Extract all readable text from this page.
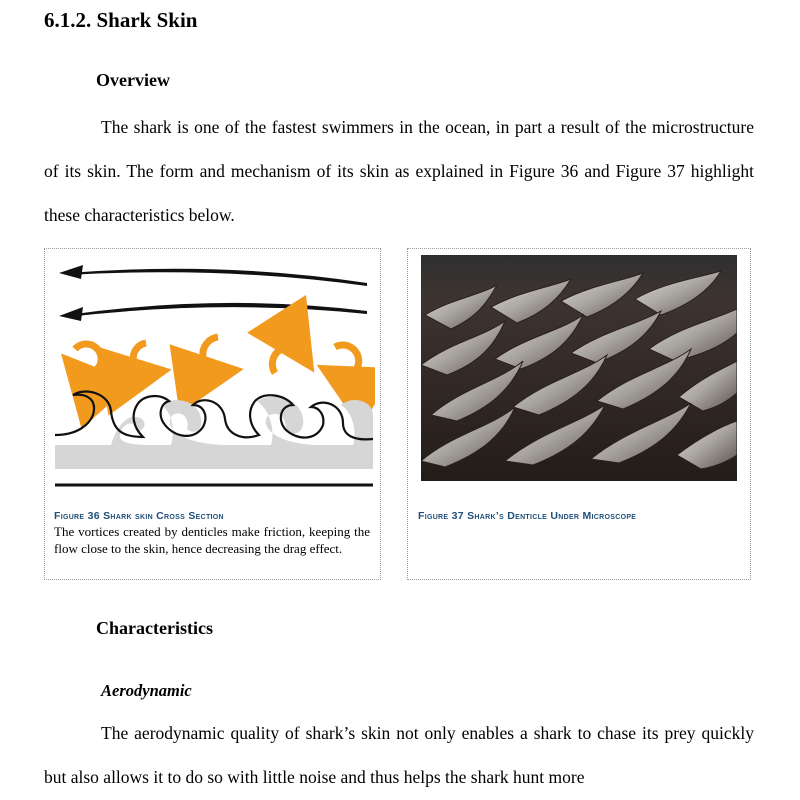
6.1.2. Shark Skin
Overview

The shark is one of the fastest swimmers in the ocean, in part a result of the microstructure of its skin. The form and mechanism of its skin as explained in Figure 36 and Figure 37 highlight these characteristics below.

Figure 36 Shark skin Cross Section

The vortices created by denticles make friction, keeping the flow close to the skin, hence decreasing the drag effect.

Figure 37 Shark’s Denticle Under Microscope

Characteristics
Aerodynamic

The aerodynamic quality of shark’s skin not only enables a shark to chase its prey quickly but also allows it to do so with little noise and thus helps the shark hunt more
